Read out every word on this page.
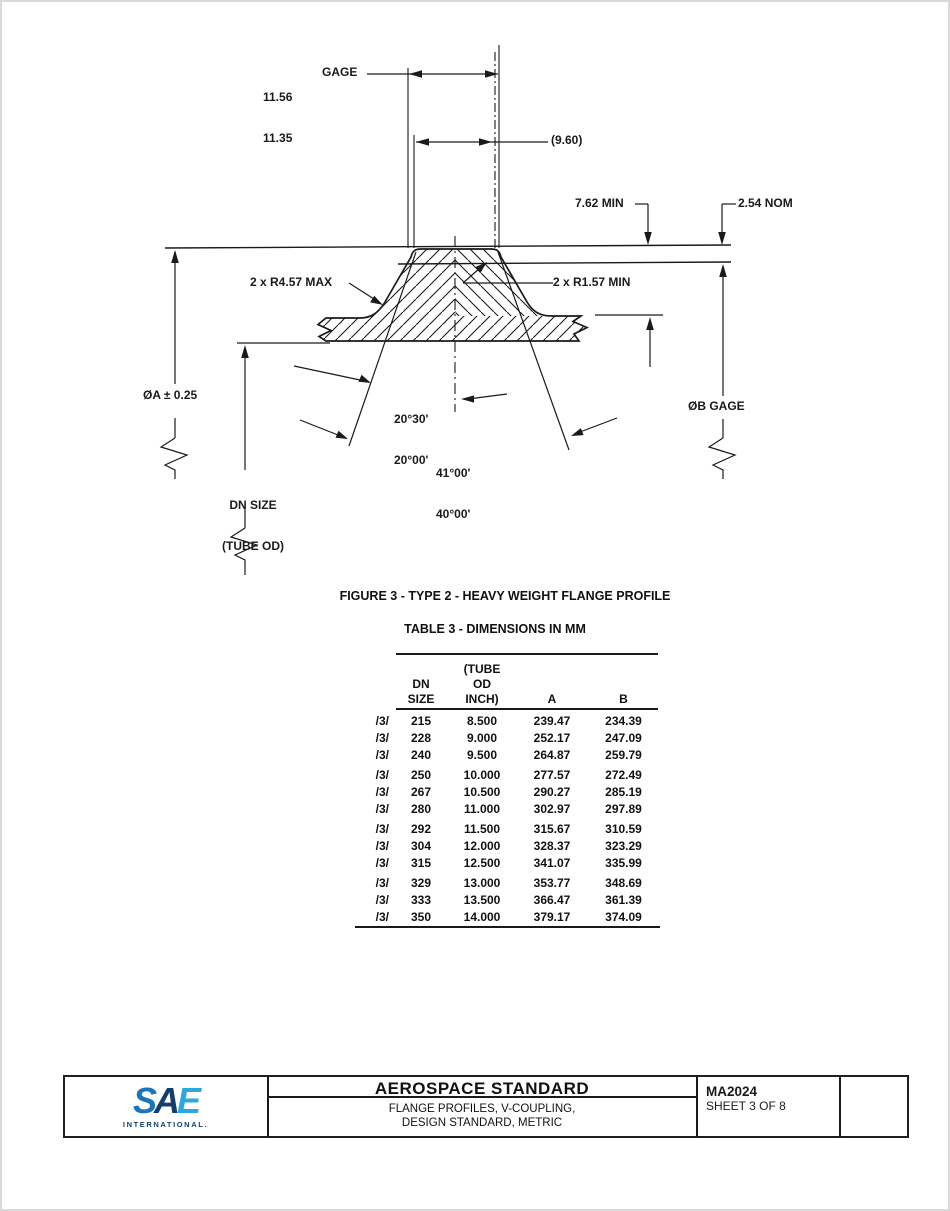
11.56

11.35

GAGE
(9.60)
7.62 MIN	2.54 NOM
2 x R4.57 MAX	2 x R1.57 MIN
ØA ± 0.25
ØB GAGE

20°30'

20°00'

41°00'

40°00'

DN SIZE

(TUBE OD)

FIGURE 3 - TYPE 2 - HEAVY WEIGHT FLANGE PROFILE
TABLE 3 - DIMENSIONS IN MM
DN
SIZE
(TUBE
OD
INCH)	A	B
/3/	215	8.500	239.47	234.39
/3/	228	9.000	252.17	247.09
/3/	240	9.500	264.87	259.79
/3/	250	10.000	277.57	272.49
/3/	267	10.500	290.27	285.19
/3/	280	11.000	302.97	297.89
/3/	292	11.500	315.67	310.59
/3/	304	12.000	328.37	323.29
/3/	315	12.500	341.07	335.99
/3/	329	13.000	353.77	348.69
/3/	333	13.500	366.47	361.39
/3/	350	14.000	379.17	374.09
SAE
INTERNATIONAL.
AEROSPACE STANDARD
FLANGE PROFILES, V-COUPLING,
DESIGN STANDARD, METRIC
MA2024
SHEET 3 OF 8
